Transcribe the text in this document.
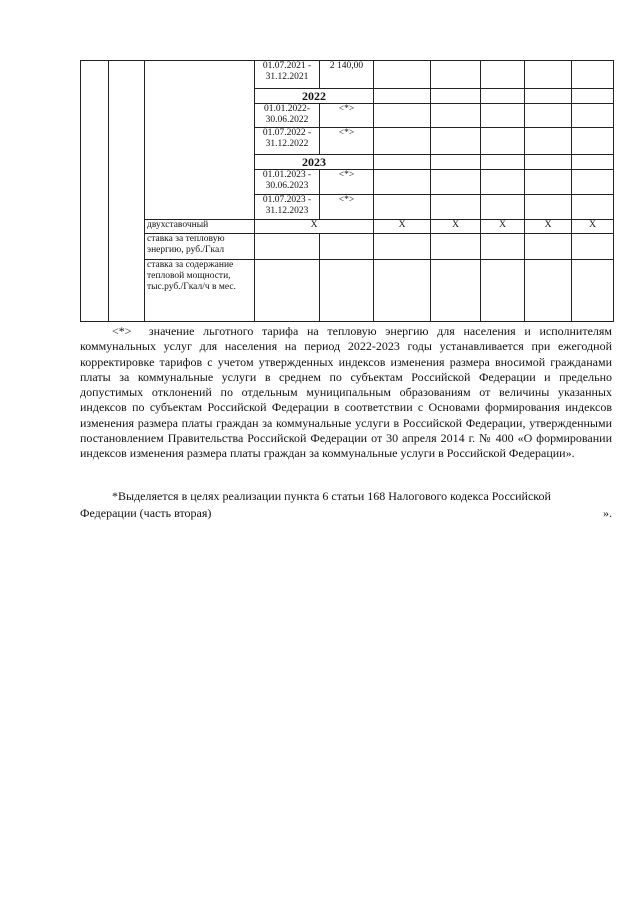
			01.07.2021 - 31.12.2021	2 140,00						
			2022							
			01.01.2022- 30.06.2022	<*>						
			01.07.2022 - 31.12.2022	<*>						
			2023							
			01.01.2023 - 30.06.2023	<*>						
			01.07.2023 - 31.12.2023	<*>						
		двухставочный	X		X	X	X	X	X	
		ставка за тепловую энергию, руб./Гкал								
		ставка за содержание тепловой мощности, тыс.руб./Гкал/ч в мес.								

<*> значение льготного тарифа на тепловую энергию для населения и исполнителям коммунальных услуг для населения на период 2022-2023 годы устанавливается при ежегодной корректировке тарифов с учетом утвержденных индексов изменения размера вносимой гражданами платы за коммунальные услуги в среднем по субъектам Российской Федерации и предельно допустимых отклонений по отдельным муниципальным образованиям от величины указанных индексов по субъектам Российской Федерации в соответствии с Основами формирования индексов изменения размера платы граждан за коммунальные услуги в Российской Федерации, утвержденными постановлением Правительства Российской Федерации от 30 апреля 2014 г. № 400 «О формировании индексов изменения размера платы граждан за коммунальные услуги в Российской Федерации».

*Выделяется в целях реализации пункта 6 статьи 168 Налогового кодекса Российской
Федерации (часть вторая)	».
